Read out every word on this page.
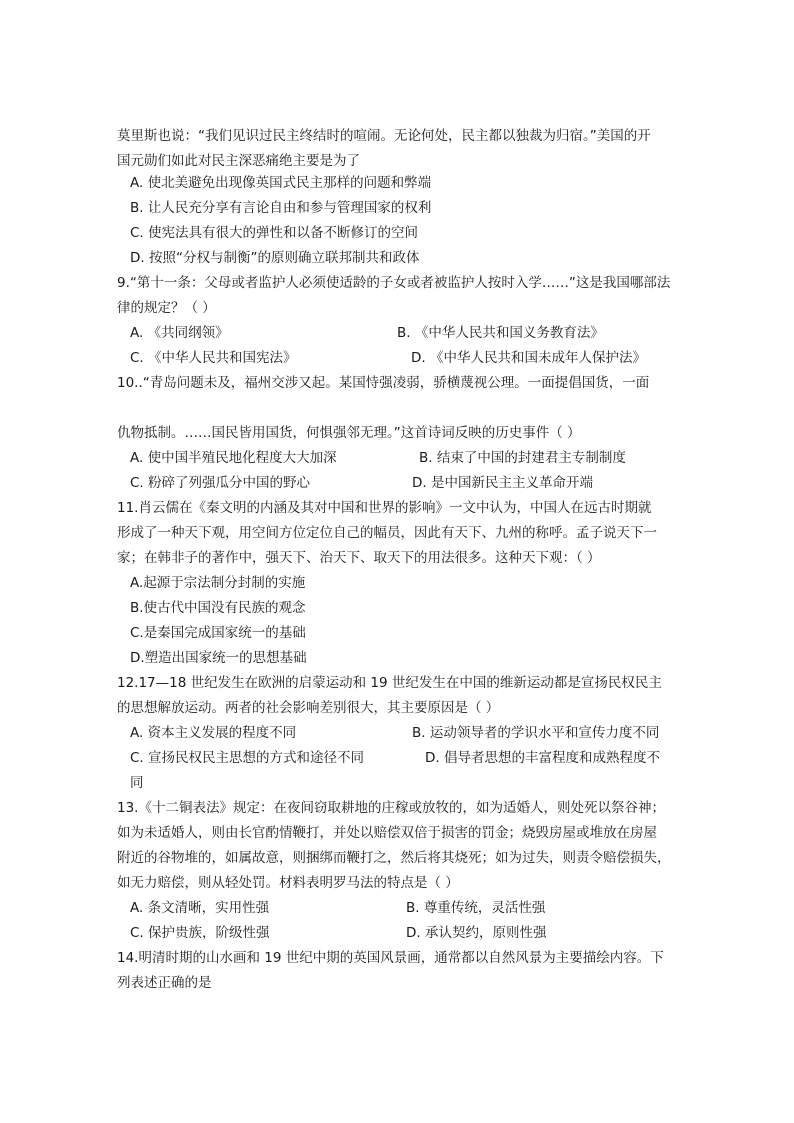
莫里斯也说：“我们见识过民主终结时的喧闹。无论何处，民主都以独裁为归宿。”美国的开
国元勋们如此对民主深恶痛绝主要是为了
A. 使北美避免出现像英国式民主那样的问题和弊端
B. 让人民充分享有言论自由和参与管理国家的权利
C. 使宪法具有很大的弹性和以备不断修订的空间
D. 按照“分权与制衡”的原则确立联邦制共和政体
9.“第十一条：父母或者监护人必须使适龄的子女或者被监护人按时入学……”这是我国哪部法
律的规定？（ ）
A. 《共同纲领》	B. 《中华人民共和国义务教育法》
C. 《中华人民共和国宪法》	D. 《中华人民共和国未成年人保护法》
10..“青岛问题未及，福州交涉又起。某国恃强凌弱，骄横蔑视公理。一面提倡国货，一面
仇物抵制。……国民皆用国货，何惧强邻无理。”这首诗词反映的历史事件（ ）
A. 使中国半殖民地化程度大大加深	B. 结束了中国的封建君主专制制度
C. 粉碎了列强瓜分中国的野心	D. 是中国新民主主义革命开端
11.肖云儒在《秦文明的内涵及其对中国和世界的影响》一文中认为，中国人在远古时期就
形成了一种天下观，用空间方位定位自己的幅员，因此有天下、九州的称呼。孟子说天下一
家；在韩非子的著作中，强天下、治天下、取天下的用法很多。这种天下观：（ ）
A.起源于宗法制分封制的实施
B.使古代中国没有民族的观念
C.是秦国完成国家统一的基础
D.塑造出国家统一的思想基础
12.17—18 世纪发生在欧洲的启蒙运动和 19 世纪发生在中国的维新运动都是宣扬民权民主
的思想解放运动。两者的社会影响差别很大，其主要原因是（ ）
A. 资本主义发展的程度不同	B. 运动领导者的学识水平和宣传力度不同
C. 宣扬民权民主思想的方式和途径不同	D. 倡导者思想的丰富程度和成熟程度不
同
13.《十二铜表法》规定：在夜间窃取耕地的庄稼或放牧的，如为适婚人，则处死以祭谷神；
如为未适婚人，则由长官酌情鞭打，并处以赔偿双倍于损害的罚金；烧毁房屋或堆放在房屋
附近的谷物堆的，如属故意，则捆绑而鞭打之，然后将其烧死；如为过失，则责令赔偿损失，
如无力赔偿，则从轻处罚。材料表明罗马法的特点是（ ）
A. 条文清晰，实用性强	B. 尊重传统，灵活性强
C. 保护贵族，阶级性强	D. 承认契约，原则性强
14.明清时期的山水画和 19 世纪中期的英国风景画，通常都以自然风景为主要描绘内容。下
列表述正确的是
